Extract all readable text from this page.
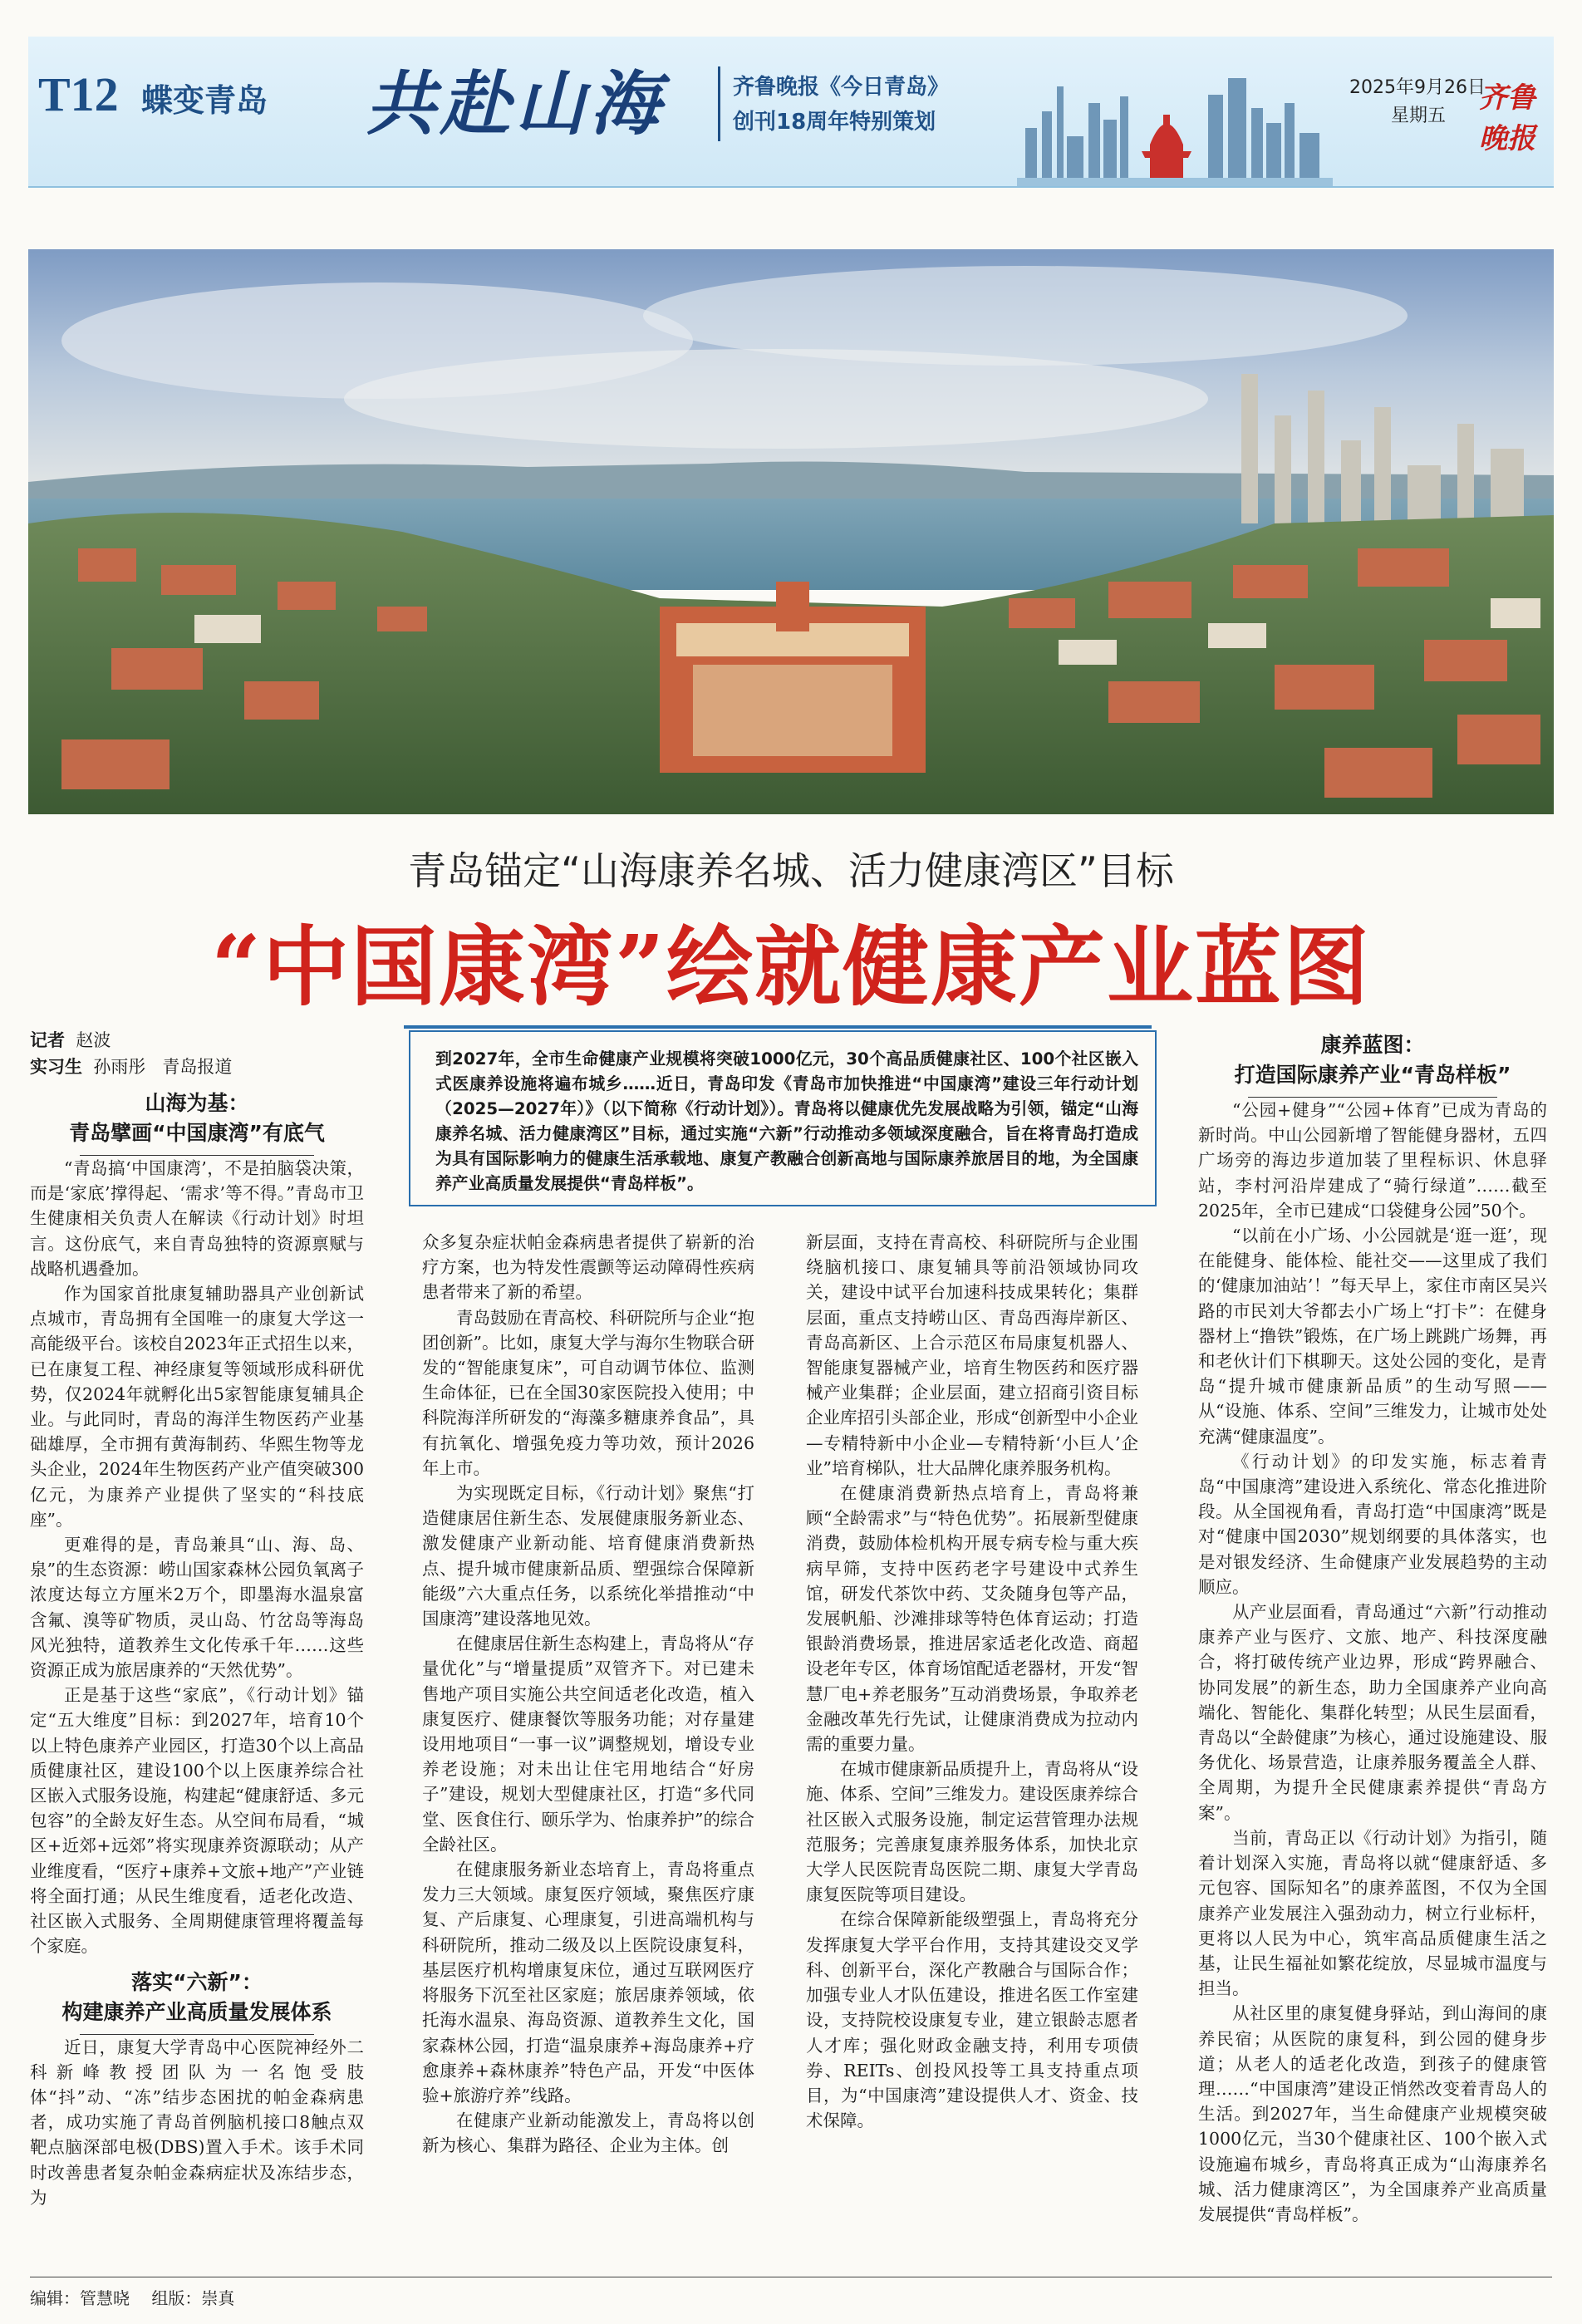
T12 蝶变青岛 共赴山海	齐鲁晚报《今日青岛》
创刊18周年特别策划
2025年9月26日
星期五
齐鲁晚报
青岛锚定“山海康养名城、活力健康湾区”目标
“中国康湾”绘就健康产业蓝图
到2027年，全市生命健康产业规模将突破1000亿元，30个高品质健康社区、100个社区嵌入式医康养设施将遍布城乡……近日，青岛印发《青岛市加快推进“中国康湾”建设三年行动计划（2025—2027年）》（以下简称《行动计划》）。青岛将以健康优先发展战略为引领，锚定“山海康养名城、活力健康湾区”目标，通过实施“六新”行动推动多领域深度融合，旨在将青岛打造成为具有国际影响力的健康生活承载地、康复产教融合创新高地与国际康养旅居目的地，为全国康养产业高质量发展提供“青岛样板”。

记者 赵波

实习生 孙雨彤 青岛报道

山海为基：
青岛擘画“中国康湾”有底气

“青岛搞‘中国康湾’，不是拍脑袋决策，而是‘家底’撑得起、‘需求’等不得。”青岛市卫生健康相关负责人在解读《行动计划》时坦言。这份底气，来自青岛独特的资源禀赋与战略机遇叠加。

作为国家首批康复辅助器具产业创新试点城市，青岛拥有全国唯一的康复大学这一高能级平台。该校自2023年正式招生以来，已在康复工程、神经康复等领域形成科研优势，仅2024年就孵化出5家智能康复辅具企业。与此同时，青岛的海洋生物医药产业基础雄厚，全市拥有黄海制药、华熙生物等龙头企业，2024年生物医药产业产值突破300亿元，为康养产业提供了坚实的“科技底座”。

更难得的是，青岛兼具“山、海、岛、泉”的生态资源：崂山国家森林公园负氧离子浓度达每立方厘米2万个，即墨海水温泉富含氟、溴等矿物质，灵山岛、竹岔岛等海岛风光独特，道教养生文化传承千年……这些资源正成为旅居康养的“天然优势”。

正是基于这些“家底”，《行动计划》锚定“五大维度”目标：到2027年，培育10个以上特色康养产业园区，打造30个以上高品质健康社区，建设100个以上医康养综合社区嵌入式服务设施，构建起“健康舒适、多元包容”的全龄友好生态。从空间布局看，“城区+近郊+远郊”将实现康养资源联动；从产业维度看，“医疗+康养+文旅+地产”产业链将全面打通；从民生维度看，适老化改造、社区嵌入式服务、全周期健康管理将覆盖每个家庭。

落实“六新”：
构建康养产业高质量发展体系

近日，康复大学青岛中心医院神经外二科新峰教授团队为一名饱受肢体“抖”动、“冻”结步态困扰的帕金森病患者，成功实施了青岛首例脑机接口8触点双靶点脑深部电极(DBS)置入手术。该手术同时改善患者复杂帕金森病症状及冻结步态，为

众多复杂症状帕金森病患者提供了崭新的治疗方案，也为特发性震颤等运动障碍性疾病患者带来了新的希望。

青岛鼓励在青高校、科研院所与企业“抱团创新”。比如，康复大学与海尔生物联合研发的“智能康复床”，可自动调节体位、监测生命体征，已在全国30家医院投入使用；中科院海洋所研发的“海藻多糖康养食品”，具有抗氧化、增强免疫力等功效，预计2026年上市。

为实现既定目标，《行动计划》聚焦“打造健康居住新生态、发展健康服务新业态、激发健康产业新动能、培育健康消费新热点、提升城市健康新品质、塑强综合保障新能级”六大重点任务，以系统化举措推动“中国康湾”建设落地见效。

在健康居住新生态构建上，青岛将从“存量优化”与“增量提质”双管齐下。对已建未售地产项目实施公共空间适老化改造，植入康复医疗、健康餐饮等服务功能；对存量建设用地项目“一事一议”调整规划，增设专业养老设施；对未出让住宅用地结合“好房子”建设，规划大型健康社区，打造“多代同堂、医食住行、颐乐学为、怡康养护”的综合全龄社区。

在健康服务新业态培育上，青岛将重点发力三大领域。康复医疗领域，聚焦医疗康复、产后康复、心理康复，引进高端机构与科研院所，推动二级及以上医院设康复科，基层医疗机构增康复床位，通过互联网医疗将服务下沉至社区家庭；旅居康养领域，依托海水温泉、海岛资源、道教养生文化，国家森林公园，打造“温泉康养+海岛康养+疗愈康养+森林康养”特色产品，开发“中医体验+旅游疗养”线路。

在健康产业新动能激发上，青岛将以创新为核心、集群为路径、企业为主体。创

新层面，支持在青高校、科研院所与企业围绕脑机接口、康复辅具等前沿领域协同攻关，建设中试平台加速科技成果转化；集群层面，重点支持崂山区、青岛西海岸新区、青岛高新区、上合示范区布局康复机器人、智能康复器械产业，培育生物医药和医疗器械产业集群；企业层面，建立招商引资目标企业库招引头部企业，形成“创新型中小企业—专精特新中小企业—专精特新‘小巨人’企业”培育梯队，壮大品牌化康养服务机构。

在健康消费新热点培育上，青岛将兼顾“全龄需求”与“特色优势”。拓展新型健康消费，鼓励体检机构开展专病专检与重大疾病早筛，支持中医药老字号建设中式养生馆，研发代茶饮中药、艾灸随身包等产品，发展帆船、沙滩排球等特色体育运动；打造银龄消费场景，推进居家适老化改造、商超设老年专区，体育场馆配适老器材，开发“智慧厂电+养老服务”互动消费场景，争取养老金融改革先行先试，让健康消费成为拉动内需的重要力量。

在城市健康新品质提升上，青岛将从“设施、体系、空间”三维发力。建设医康养综合社区嵌入式服务设施，制定运营管理办法规范服务；完善康复康养服务体系，加快北京大学人民医院青岛医院二期、康复大学青岛康复医院等项目建设。

在综合保障新能级塑强上，青岛将充分发挥康复大学平台作用，支持其建设交叉学科、创新平台，深化产教融合与国际合作；加强专业人才队伍建设，推进名医工作室建设，支持院校设康复专业，建立银龄志愿者人才库；强化财政金融支持，利用专项债券、REITs、创投风投等工具支持重点项目，为“中国康湾”建设提供人才、资金、技术保障。

康养蓝图：
打造国际康养产业“青岛样板”

“公园+健身”“公园+体育”已成为青岛的新时尚。中山公园新增了智能健身器材，五四广场旁的海边步道加装了里程标识、休息驿站，李村河沿岸建成了“骑行绿道”……截至2025年，全市已建成“口袋健身公园”50个。

“以前在小广场、小公园就是‘逛一逛’，现在能健身、能体检、能社交——这里成了我们的‘健康加油站’！”每天早上，家住市南区吴兴路的市民刘大爷都去小广场上“打卡”：在健身器材上“撸铁”锻炼，在广场上跳跳广场舞，再和老伙计们下棋聊天。这处公园的变化，是青岛“提升城市健康新品质”的生动写照——从“设施、体系、空间”三维发力，让城市处处充满“健康温度”。

《行动计划》的印发实施，标志着青岛“中国康湾”建设进入系统化、常态化推进阶段。从全国视角看，青岛打造“中国康湾”既是对“健康中国2030”规划纲要的具体落实，也是对银发经济、生命健康产业发展趋势的主动顺应。

从产业层面看，青岛通过“六新”行动推动康养产业与医疗、文旅、地产、科技深度融合，将打破传统产业边界，形成“跨界融合、协同发展”的新生态，助力全国康养产业向高端化、智能化、集群化转型；从民生层面看，青岛以“全龄健康”为核心，通过设施建设、服务优化、场景营造，让康养服务覆盖全人群、全周期，为提升全民健康素养提供“青岛方案”。

当前，青岛正以《行动计划》为指引，随着计划深入实施，青岛将以就“健康舒适、多元包容、国际知名”的康养蓝图，不仅为全国康养产业发展注入强劲动力，树立行业标杆，更将以人民为中心，筑牢高品质健康生活之基，让民生福祉如繁花绽放，尽显城市温度与担当。

从社区里的康复健身驿站，到山海间的康养民宿；从医院的康复科，到公园的健身步道；从老人的适老化改造，到孩子的健康管理……“中国康湾”建设正悄然改变着青岛人的生活。到2027年，当生命健康产业规模突破1000亿元，当30个健康社区、100个嵌入式设施遍布城乡，青岛将真正成为“山海康养名城、活力健康湾区”，为全国康养产业高质量发展提供“青岛样板”。

编辑：管慧晓 组版：崇真
